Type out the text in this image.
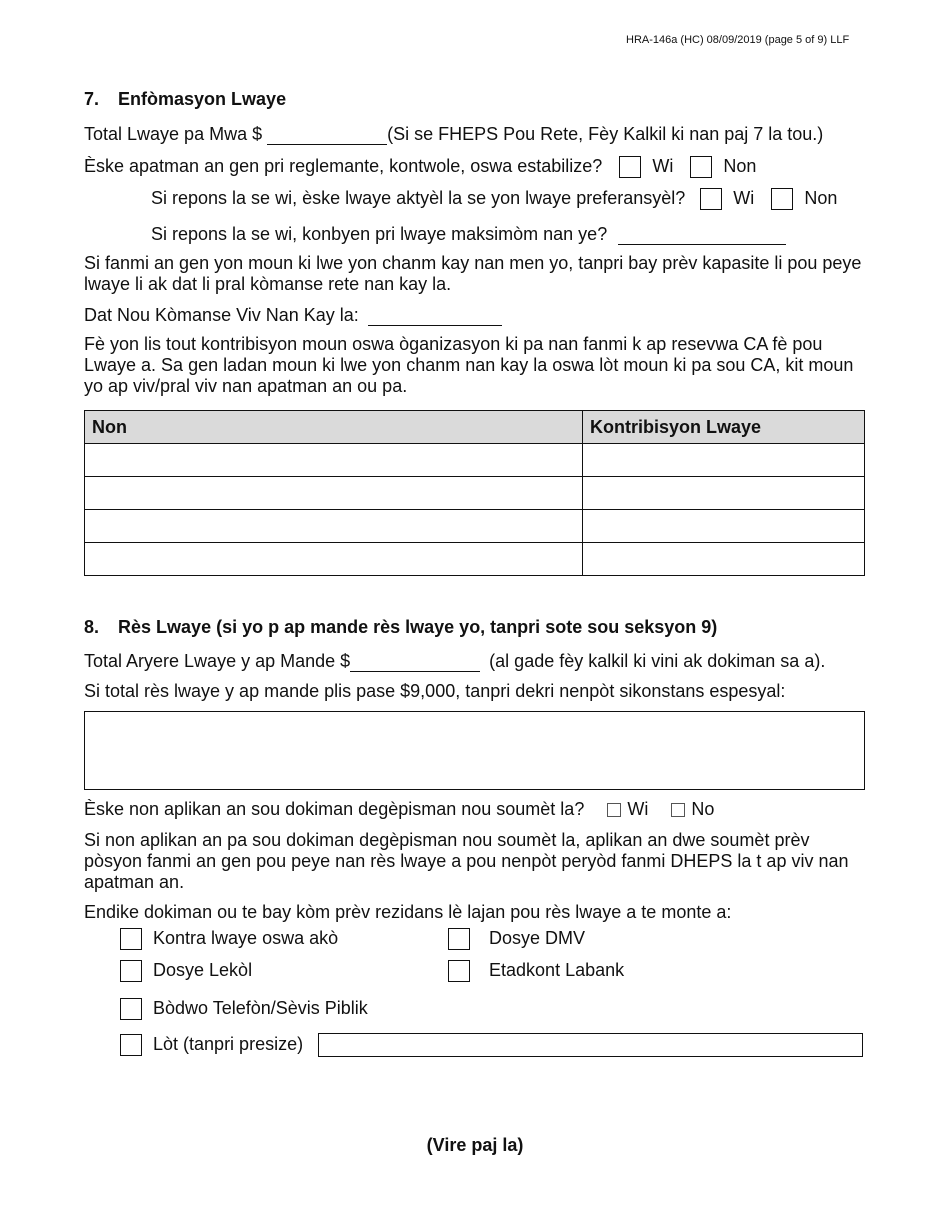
HRA-146a (HC) 08/09/2019 (page 5 of 9) LLF
7. Enfòmasyon Lwaye
Total Lwaye pa Mwa $	(Si se FHEPS Pou Rete, Fèy Kalkil ki nan paj 7 la tou.)
Èske apatman an gen pri reglemante, kontwole, oswa estabilize?	Wi	Non
Si repons la se wi, èske lwaye aktyèl la se yon lwaye preferansyèl?	Wi	Non
Si repons la se wi, konbyen pri lwaye maksimòm nan ye?
Si fanmi an gen yon moun ki lwe yon chanm kay nan men yo, tanpri bay prèv kapasite li pou peye lwaye li ak dat li pral kòmanse rete nan kay la.
Dat Nou Kòmanse Viv Nan Kay la:
Fè yon lis tout kontribisyon moun oswa òganizasyon ki pa nan fanmi k ap resevwa CA fè pou Lwaye a. Sa gen ladan moun ki lwe yon chanm nan kay la oswa lòt moun ki pa sou CA, kit moun yo ap viv/pral viv nan apatman an ou pa.
Non	Kontribisyon Lwaye

8. Rès Lwaye (si yo p ap mande rès lwaye yo, tanpri sote sou seksyon 9)
Total Aryere Lwaye y ap Mande $	(al gade fèy kalkil ki vini ak dokiman sa a).
Si total rès lwaye y ap mande plis pase $9,000, tanpri dekri nenpòt sikonstans espesyal:
Èske non aplikan an sou dokiman degèpisman nou soumèt la? Wi No
Si non aplikan an pa sou dokiman degèpisman nou soumèt la, aplikan an dwe soumèt prèv pòsyon fanmi an gen pou peye nan rès lwaye a pou nenpòt peryòd fanmi DHEPS la t ap viv nan apatman an.
Endike dokiman ou te bay kòm prèv rezidans lè lajan pou rès lwaye a te monte a:
Kontra lwaye oswa akò	Dosye DMV
Dosye Lekòl	Etadkont Labank
Bòdwo Telefòn/Sèvis Piblik
Lòt (tanpri presize)
(Vire paj la)
